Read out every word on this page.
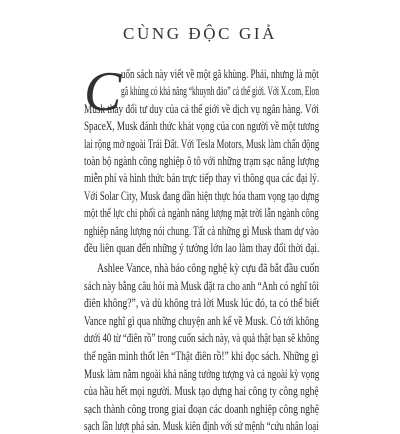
CÙNG ĐỘC GIẢ
C uốn sách này viết về một gã khùng. Phải, nhưng là một
gã khùng có khả năng “khuynh đảo” cả thế giới. Với X.com, Elon
Musk thay đổi tư duy của cả thế giới về dịch vụ ngân hàng. Với
SpaceX, Musk đánh thức khát vọng của con người về một tương
lai rộng mở ngoài Trái Đất. Với Tesla Motors, Musk làm chấn động
toàn bộ ngành công nghiệp ô tô với những trạm sạc năng lượng
miễn phí và hình thức bán trực tiếp thay vì thông qua các đại lý.
Với Solar City, Musk đang dần hiện thực hóa tham vọng tạo dựng
một thế lực chi phối cả ngành năng lượng mặt trời lẫn ngành công
nghiệp năng lượng nói chung. Tất cả những gì Musk tham dự vào
đều liên quan đến những ý tưởng lớn lao làm thay đổi thời đại.
Ashlee Vance, nhà báo công nghệ kỳ cựu đã bắt đầu cuốn
sách này bằng câu hỏi mà Musk đặt ra cho anh “Anh có nghĩ tôi
điên không?”, và dù không trả lời Musk lúc đó, ta có thể biết
Vance nghĩ gì qua những chuyện anh kể về Musk. Có tới không
dưới 40 từ “điên rồ” trong cuốn sách này, và quả thật bạn sẽ không
thể ngăn mình thốt lên “Thật điên rồ!” khi đọc sách. Những gì
Musk làm nằm ngoài khả năng tưởng tượng và cả ngoài kỳ vọng
của hầu hết mọi người. Musk tạo dựng hai công ty công nghệ
sạch thành công trong giai đoạn các doanh nghiệp công nghệ
sạch lần lượt phá sản. Musk kiên định với sứ mệnh “cứu nhân loại
